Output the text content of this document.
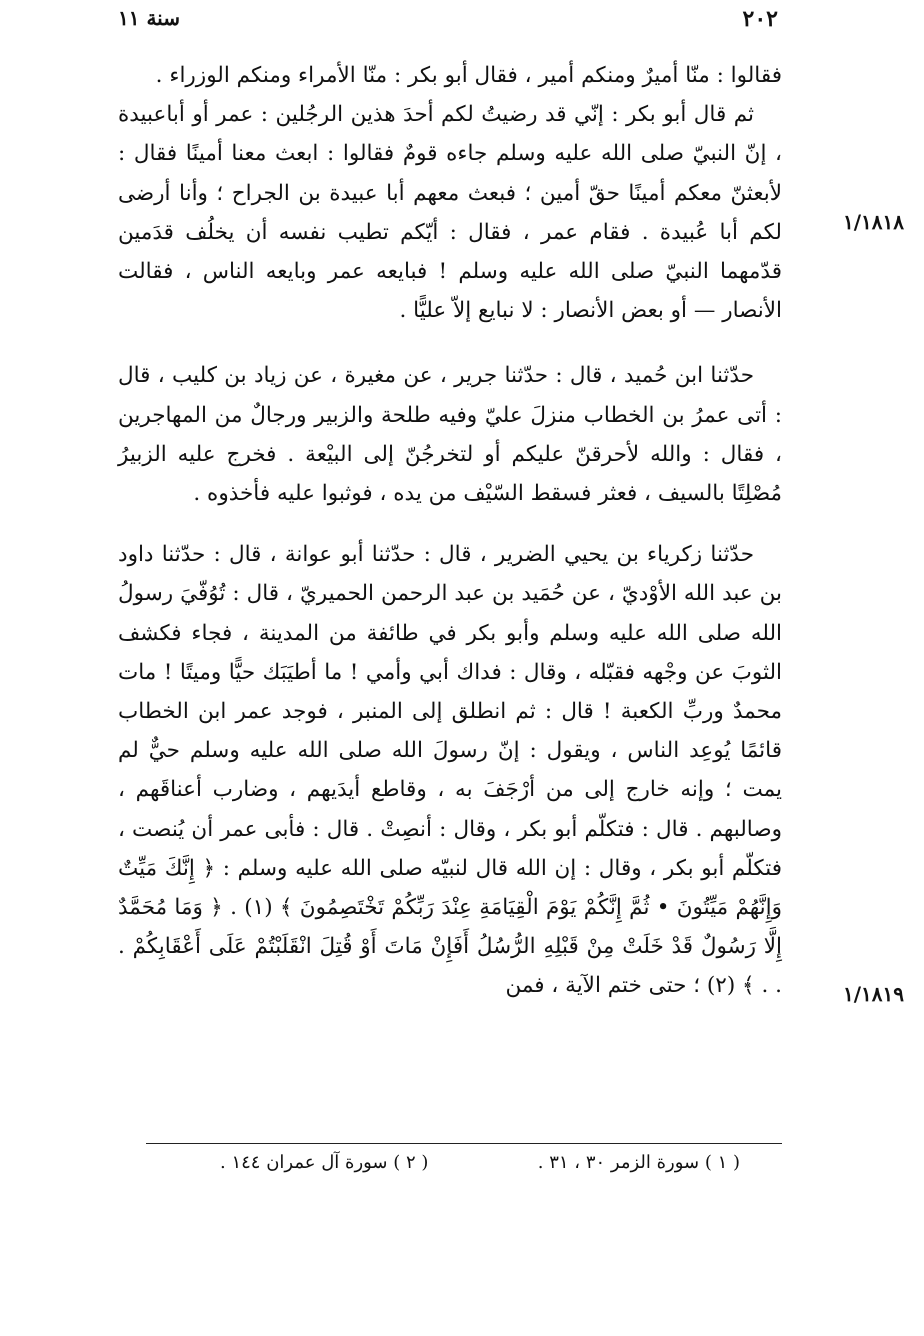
٢٠٢
سنة ١١

فقالوا : منّا أميرٌ ومنكم أمير ، فقال أبو بكر : منّا الأمراء ومنكم الوزراء .

ثم قال أبو بكر : إنّي قد رضيتُ لكم أحدَ هذين الرجُلين : عمر أو أباعبيدة ، إنّ النبيّ صلى الله عليه وسلم جاءه قومٌ فقالوا : ابعث معنا أمينًا فقال : لأبعثنّ معكم أمينًا حقّ أمين ؛ فبعث معهم أبا عبيدة بن الجراح ؛ وأنا أرضى لكم أبا عُبيدة . فقام عمر ، فقال : أيّكم تطيب نفسه أن يخلُف قدَمين قدّمهما النبيّ صلى الله عليه وسلم ! فبايعه عمر وبايعه الناس ، فقالت الأنصار — أو بعض الأنصار : لا نبايع إلاّ عليًّا .

حدّثنا ابن حُميد ، قال : حدّثنا جرير ، عن مغيرة ، عن زياد بن كليب ، قال : أتى عمرُ بن الخطاب منزلَ عليّ وفيه طلحة والزبير ورجالٌ من المهاجرين ، فقال : والله لأحرقنّ عليكم أو لتخرجُنّ إلى البيْعة . فخرج عليه الزبيرُ مُصْلِتًا بالسيف ، فعثر فسقط السّيْف من يده ، فوثبوا عليه فأخذوه .

حدّثنا زكرياء بن يحيي الضرير ، قال : حدّثنا أبو عوانة ، قال : حدّثنا داود بن عبد الله الأوْديّ ، عن حُمَيد بن عبد الرحمن الحميريّ ، قال : تُوُفّيَ رسولُ الله صلى الله عليه وسلم وأبو بكر في طائفة من المدينة ، فجاء فكشف الثوبَ عن وجْهه فقبّله ، وقال : فداك أبي وأمي ! ما أطيَبَك حيًّا وميتًا ! مات محمدٌ وربِّ الكعبة ! قال : ثم انطلق إلى المنبر ، فوجد عمر ابن الخطاب قائمًا يُوعِد الناس ، ويقول : إنّ رسولَ الله صلى الله عليه وسلم حيٌّ لم يمت ؛ وإنه خارج إلى من أرْجَفَ به ، وقاطع أيدَيهم ، وضارب أعناقَهم ، وصالبهم . قال : فتكلّم أبو بكر ، وقال : أنصِتْ . قال : فأبى عمر أن يُنصت ، فتكلّم أبو بكر ، وقال : إن الله قال لنبيّه صلى الله عليه وسلم : ﴿ إِنَّكَ مَيِّتٌ وَإِنَّهُمْ مَيِّتُونَ • ثُمَّ إِنَّكُمْ يَوْمَ الْقِيَامَةِ عِنْدَ رَبِّكُمْ تَخْتَصِمُونَ ﴾ (١) . ﴿ وَمَا مُحَمَّدٌ إِلَّا رَسُولٌ قَدْ خَلَتْ مِنْ قَبْلِهِ الرُّسُلُ أَفَإِنْ مَاتَ أَوْ قُتِلَ انْقَلَبْتُمْ عَلَى أَعْقَابِكُمْ . . . ﴾ (٢) ؛ حتى ختم الآية ، فمن

١/١٨١٨
١/١٨١٩
( ١ ) سورة الزمر ٣٠ ، ٣١ .
( ٢ ) سورة آل عمران ١٤٤ .
